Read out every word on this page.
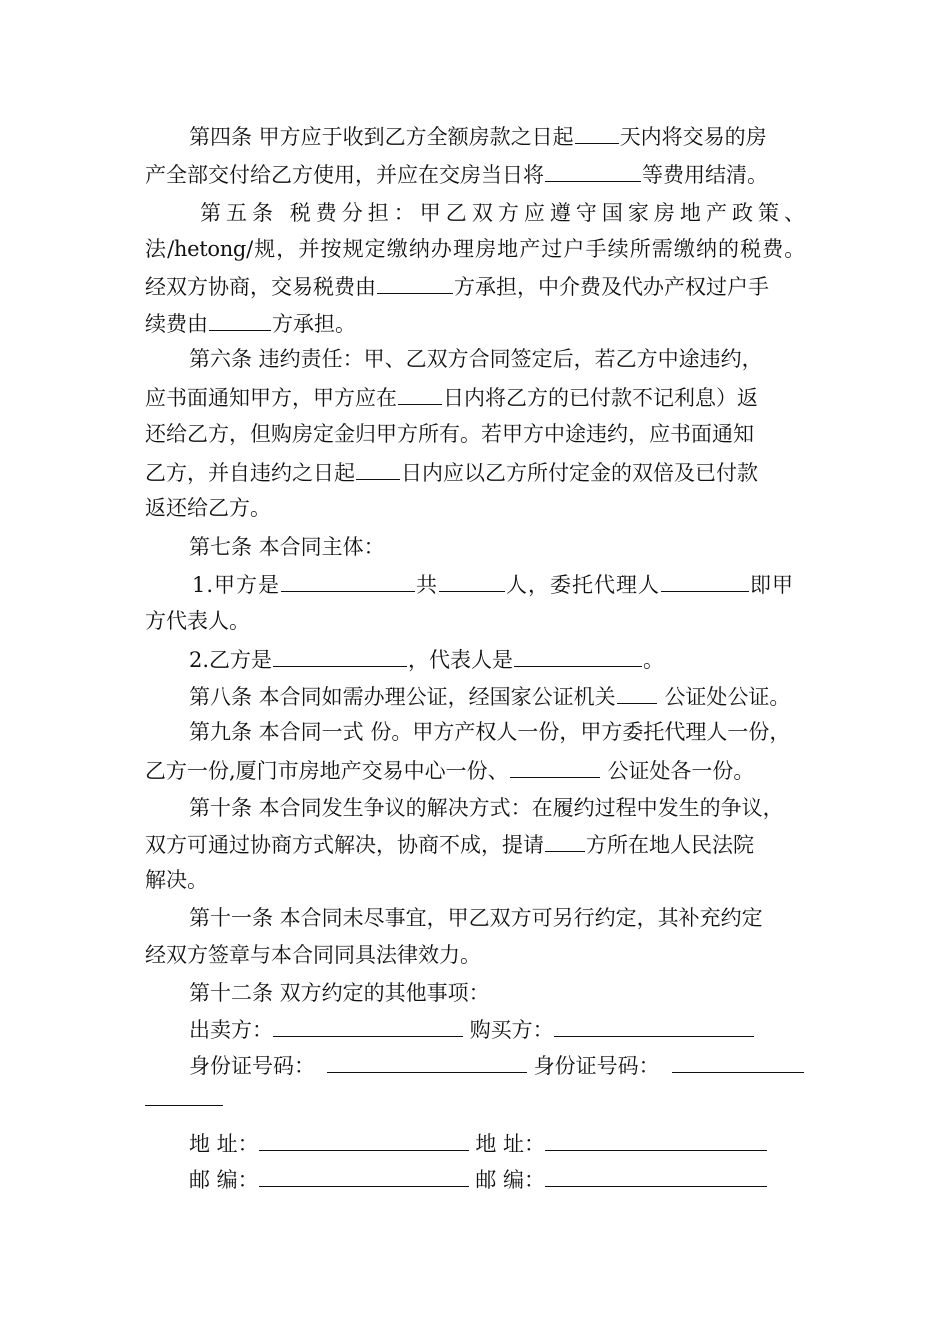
第四条 甲方应于收到乙方全额房款之日起 天内将交易的房
产全部交付给乙方使用，并应在交房当日将	等费用结清。
第五条 税费分担：甲乙双方应遵守国家房地产政策、
法/hetong/规，并按规定缴纳办理房地产过户手续所需缴纳的税费。
经双方协商，交易税费由	方承担，中介费及代办产权过户手
续费由	方承担。
第六条 违约责任：甲、乙双方合同签定后，若乙方中途违约，
应书面通知甲方，甲方应在 日内将乙方的已付款不记利息）返
还给乙方，但购房定金归甲方所有。若甲方中途违约，应书面通知
乙方，并自违约之日起 日内应以乙方所付定金的双倍及已付款
返还给乙方。
第七条 本合同主体：
1.甲方是	共	人，委托代理人	即甲
方代表人。
2.乙方是	，代表人是	。
第八条 本合同如需办理公证，经国家公证机关 公证处公证。
第九条 本合同一式 份。甲方产权人一份，甲方委托代理人一份，
乙方一份,厦门市房地产交易中心一份、	公证处各一份。
第十条 本合同发生争议的解决方式：在履约过程中发生的争议，
双方可通过协商方式解决，协商不成，提请 方所在地人民法院
解决。
第十一条 本合同未尽事宜，甲乙双方可另行约定，其补充约定
经双方签章与本合同同具法律效力。
第十二条 双方约定的其他事项：
出卖方：	购买方：
身份证号码：	身份证号码：
地 址：	地 址：
邮 编：	邮 编：
